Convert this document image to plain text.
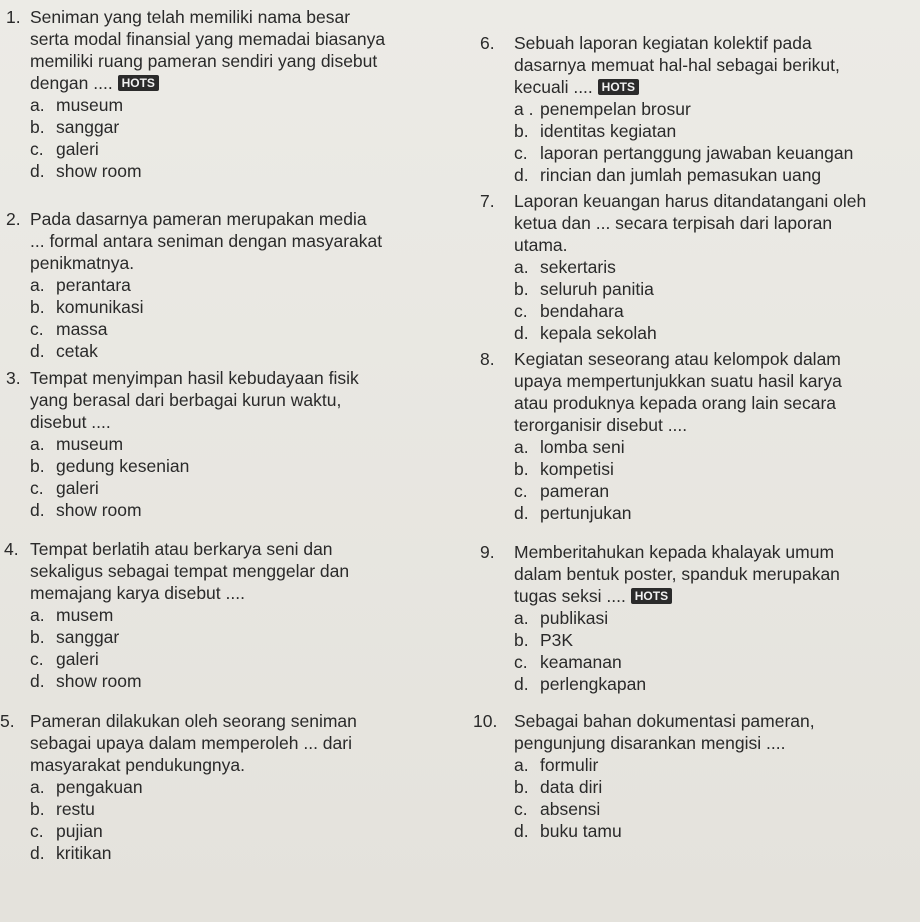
1. Seniman yang telah memiliki nama besar
serta modal finansial yang memadai biasanya
memiliki ruang pameran sendiri yang disebut
dengan .... HOTS
a. museum
b. sanggar
c. galeri
d. show room
2. Pada dasarnya pameran merupakan media
... formal antara seniman dengan masyarakat
penikmatnya.
a. perantara
b. komunikasi
c. massa
d. cetak
3. Tempat menyimpan hasil kebudayaan fisik
yang berasal dari berbagai kurun waktu,
disebut ....
a. museum
b. gedung kesenian
c. galeri
d. show room
4. Tempat berlatih atau berkarya seni dan
sekaligus sebagai tempat menggelar dan
memajang karya disebut ....
a. musem
b. sanggar
c. galeri
d. show room
5. Pameran dilakukan oleh seorang seniman
sebagai upaya dalam memperoleh ... dari
masyarakat pendukungnya.
a. pengakuan
b. restu
c. pujian
d. kritikan
6. Sebuah laporan kegiatan kolektif pada
dasarnya memuat hal-hal sebagai berikut,
kecuali .... HOTS
a . penempelan brosur
b. identitas kegiatan
c. laporan pertanggung jawaban keuangan
d. rincian dan jumlah pemasukan uang
7. Laporan keuangan harus ditandatangani oleh
ketua dan ... secara terpisah dari laporan
utama.
a. sekertaris
b. seluruh panitia
c. bendahara
d. kepala sekolah
8. Kegiatan seseorang atau kelompok dalam
upaya mempertunjukkan suatu hasil karya
atau produknya kepada orang lain secara
terorganisir disebut ....
a. lomba seni
b. kompetisi
c. pameran
d. pertunjukan
9. Memberitahukan kepada khalayak umum
dalam bentuk poster, spanduk merupakan
tugas seksi .... HOTS
a. publikasi
b. P3K
c. keamanan
d. perlengkapan
10. Sebagai bahan dokumentasi pameran,
pengunjung disarankan mengisi ....
a. formulir
b. data diri
c. absensi
d. buku tamu
